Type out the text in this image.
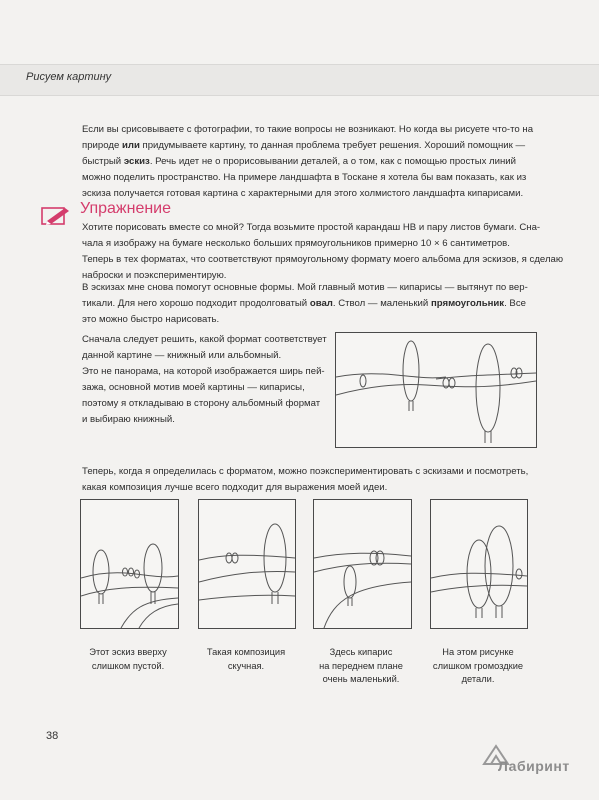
Рисуем картину

Если вы срисовываете с фотографии, то такие вопросы не возникают. Но когда вы рисуете что-то на

природе или придумываете картину, то данная проблема требует решения. Хороший помощник —

быстрый эскиз. Речь идет не о прорисовывании деталей, а о том, как с помощью простых линий

можно поделить пространство. На примере ландшафта в Тоскане я хотела бы вам показать, как из

эскиза получается готовая картина с характерными для этого холмистого ландшафта кипарисами.

Упражнение

Хотите порисовать вместе со мной? Тогда возьмите простой карандаш НВ и пару листов бумаги. Сна-

чала я изображу на бумаге несколько больших прямоугольников примерно 10 × 6 сантиметров.

Теперь в тех форматах, что соответствуют прямоугольному формату моего альбома для эскизов, я сделаю

наброски и поэкспериментирую.

В эскизах мне снова помогут основные формы. Мой главный мотив — кипарисы — вытянут по вер-

тикали. Для него хорошо подходит продолговатый овал. Ствол — маленький прямоугольник. Все

это можно быстро нарисовать.

Сначала следует решить, какой формат соответствует

данной картине — книжный или альбомный.

Это не панорама, на которой изображается ширь пей-

зажа, основной мотив моей картины — кипарисы,

поэтому я откладываю в сторону альбомный формат

и выбираю книжный.

Теперь, когда я определилась с форматом, можно поэкспериментировать с эскизами и посмотреть,

какая композиция лучше всего подходит для выражения моей идеи.

Этот эскиз вверху
слишком пустой.
Такая композиция
скучная.
Здесь кипарис
на переднем плане
очень маленький.
На этом рисунке
слишком громоздкие
детали.
38
Лабиринт
